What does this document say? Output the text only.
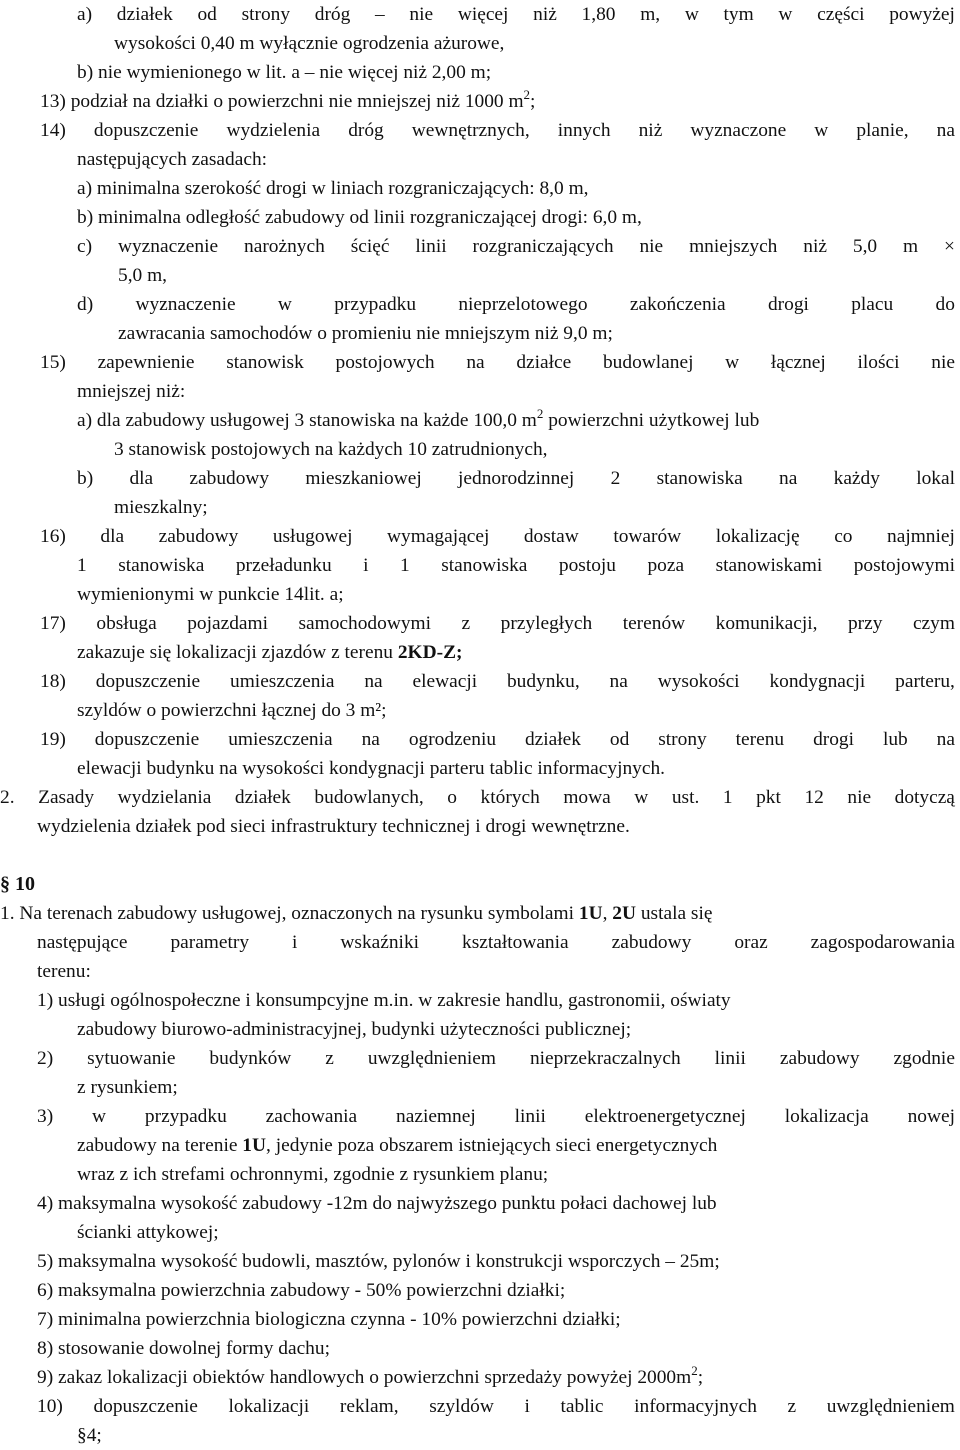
a) działek od strony dróg – nie więcej niż 1,80 m, w tym w części powyżej
wysokości 0,40 m wyłącznie ogrodzenia ażurowe,
b) nie wymienionego w lit. a – nie więcej niż 2,00 m;
13) podział na działki o powierzchni nie mniejszej niż 1000 $m^2$;
14) dopuszczenie wydzielenia dróg wewnętrznych, innych niż wyznaczone w planie, na
następujących zasadach:
a) minimalna szerokość drogi w liniach rozgraniczających: 8,0 m,
b) minimalna odległość zabudowy od linii rozgraniczającej drogi: 6,0 m,
c) wyznaczenie narożnych ścięć linii rozgraniczających nie mniejszych niż 5,0 m ×
5,0 m,
d) wyznaczenie w przypadku nieprzelotowego zakończenia drogi placu do
zawracania samochodów o promieniu nie mniejszym niż 9,0 m;
15) zapewnienie stanowisk postojowych na działce budowlanej w łącznej ilości nie
mniejszej niż:
a) dla zabudowy usługowej 3 stanowiska na każde 100,0 $m^2$ powierzchni użytkowej lub
3 stanowisk postojowych na każdych 10 zatrudnionych,
b) dla zabudowy mieszkaniowej jednorodzinnej 2 stanowiska na każdy lokal
mieszkalny;
16) dla zabudowy usługowej wymagającej dostaw towarów lokalizację co najmniej
1 stanowiska przeładunku i 1 stanowiska postoju poza stanowiskami postojowymi
wymienionymi w punkcie 14lit. a;
17) obsługa pojazdami samochodowymi z przyległych terenów komunikacji, przy czym
zakazuje się lokalizacji zjazdów z terenu 2KD-Z;
18) dopuszczenie umieszczenia na elewacji budynku, na wysokości kondygnacji parteru,
szyldów o powierzchni łącznej do 3 m²;
19) dopuszczenie umieszczenia na ogrodzeniu działek od strony terenu drogi lub na
elewacji budynku na wysokości kondygnacji parteru tablic informacyjnych.
2. Zasady wydzielania działek budowlanych, o których mowa w ust. 1 pkt 12 nie dotyczą
wydzielenia działek pod sieci infrastruktury technicznej i drogi wewnętrzne.
§ 10
1. Na terenach zabudowy usługowej, oznaczonych na rysunku symbolami 1U, 2U ustala się
następujące parametry i wskaźniki kształtowania zabudowy oraz zagospodarowania
terenu:
1) usługi ogólnospołeczne i konsumpcyjne m.in. w zakresie handlu, gastronomii, oświaty
zabudowy biurowo-administracyjnej, budynki użyteczności publicznej;
2) sytuowanie budynków z uwzględnieniem nieprzekraczalnych linii zabudowy zgodnie
z rysunkiem;
3) w przypadku zachowania naziemnej linii elektroenergetycznej lokalizacja nowej
zabudowy na terenie 1U, jedynie poza obszarem istniejących sieci energetycznych
wraz z ich strefami ochronnymi, zgodnie z rysunkiem planu;
4) maksymalna wysokość zabudowy -12m do najwyższego punktu połaci dachowej lub
ścianki attykowej;
5) maksymalna wysokość budowli, masztów, pylonów i konstrukcji wsporczych – 25m;
6) maksymalna powierzchnia zabudowy - 50% powierzchni działki;
7) minimalna powierzchnia biologiczna czynna - 10% powierzchni działki;
8) stosowanie dowolnej formy dachu;
9) zakaz lokalizacji obiektów handlowych o powierzchni sprzedaży powyżej $2000m^2$;
10) dopuszczenie lokalizacji reklam, szyldów i tablic informacyjnych z uwzględnieniem
§4;
